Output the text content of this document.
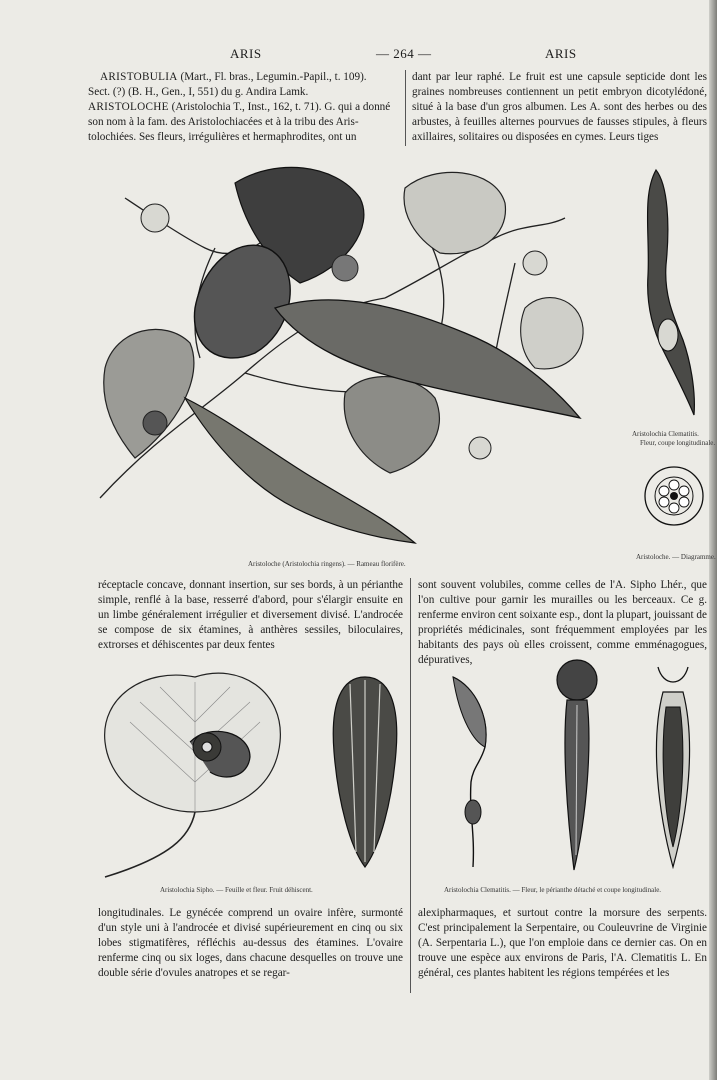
ARIS	— 264 —	ARIS

ARISTOBULIA (Mart., Fl. bras., Legumin.-Papil., t. 109).

Sect. (?) (B. H., Gen., I, 551) du g. Andira Lamk.

ARISTOLOCHE (Aristolochia T., Inst., 162, t. 71). G. qui a donné

son nom à la fam. des Aristolochiacées et à la tribu des Aris-

tolochiées. Ses fleurs, irrégulières et hermaphrodites, ont un

dant par leur raphé. Le fruit est une capsule septicide dont les graines nombreuses contiennent un petit embryon dicotylédoné, situé à la base d'un gros albumen. Les A. sont des herbes ou des arbustes, à feuilles alternes pourvues de fausses stipules, à fleurs axillaires, solitaires ou disposées en cymes. Leurs tiges

Aristoloche (Aristolochia ringens). — Rameau florifère.
Aristolochia Clematitis.
Fleur, coupe longitudinale.
Aristoloche. — Diagramme.

réceptacle concave, donnant insertion, sur ses bords, à un périanthe simple, renflé à la base, resserré d'abord, pour s'élargir ensuite en un limbe généralement irrégulier et diversement divisé. L'androcée se compose de six étamines, à anthères sessiles, biloculaires, extrorses et déhiscentes par deux fentes

sont souvent volubiles, comme celles de l'A. Sipho Lhér., que l'on cultive pour garnir les murailles ou les berceaux. Ce g. renferme environ cent soixante esp., dont la plupart, jouissant de propriétés médicinales, sont fréquemment employées par les habitants des pays où elles croissent, comme emménagogues, dépuratives,

Aristolochia Sipho. — Feuille et fleur. Fruit déhiscent.	Aristolochia Clematitis. — Fleur, le périanthe détaché et coupe longitudinale.

longitudinales. Le gynécée comprend un ovaire infère, surmonté d'un style uni à l'androcée et divisé supérieurement en cinq ou six lobes stigmatifères, réfléchis au-dessus des étamines. L'ovaire renferme cinq ou six loges, dans chacune desquelles on trouve une double série d'ovules anatropes et se regar-

alexipharmaques, et surtout contre la morsure des serpents. C'est principalement la Serpentaire, ou Couleuvrine de Virginie (A. Serpentaria L.), que l'on emploie dans ce dernier cas. On en trouve une espèce aux environs de Paris, l'A. Clematitis L. En général, ces plantes habitent les régions tempérées et les
